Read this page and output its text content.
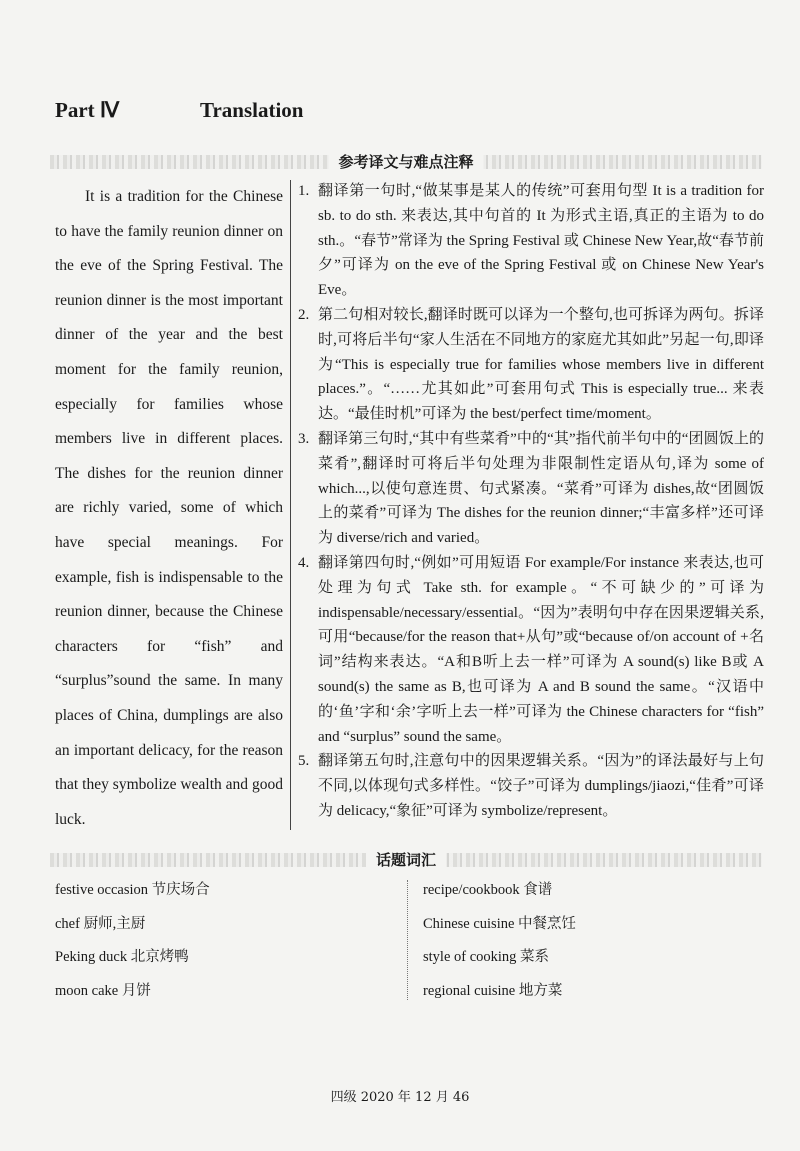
Part Ⅳ	Translation
参考译文与难点注释

It is a tradition for the Chinese to have the family reunion dinner on the eve of the Spring Festival. The reunion dinner is the most important dinner of the year and the best moment for the family reunion, especially for families whose members live in different places. The dishes for the reunion dinner are richly varied, some of which have special meanings. For example, fish is indispensable to the reunion dinner, because the Chinese characters for “fish” and “surplus”sound the same. In many places of China, dumplings are also an important delicacy, for the reason that they symbolize wealth and good luck.

1. 翻译第一句时,“做某事是某人的传统”可套用句型 It is a tradition for sb. to do sth. 来表达,其中句首的 It 为形式主语,真正的主语为 to do sth.。“春节”常译为 the Spring Festival 或 Chinese New Year,故“春节前夕”可译为 on the eve of the Spring Festival 或 on Chinese New Year's Eve。
2. 第二句相对较长,翻译时既可以译为一个整句,也可拆译为两句。拆译时,可将后半句“家人生活在不同地方的家庭尤其如此”另起一句,即译为“This is especially true for families whose members live in different places.”。“……尤其如此”可套用句式 This is especially true... 来表达。“最佳时机”可译为 the best/perfect time/moment。
3. 翻译第三句时,“其中有些菜肴”中的“其”指代前半句中的“团圆饭上的菜肴”,翻译时可将后半句处理为非限制性定语从句,译为 some of which...,以使句意连贯、句式紧凑。“菜肴”可译为 dishes,故“团圆饭上的菜肴”可译为 The dishes for the reunion dinner;“丰富多样”还可译为 diverse/rich and varied。
4. 翻译第四句时,“例如”可用短语 For example/For instance 来表达,也可处理为句式 Take sth. for example。“不可缺少的”可译为 indispensable/necessary/essential。“因为”表明句中存在因果逻辑关系,可用“because/for the reason that+从句”或“because of/on account of +名词”结构来表达。“A和B听上去一样”可译为 A sound(s) like B或 A sound(s) the same as B,也可译为 A and B sound the same。“汉语中的‘鱼’字和‘余’字听上去一样”可译为 the Chinese characters for “fish” and “surplus” sound the same。
5. 翻译第五句时,注意句中的因果逻辑关系。“因为”的译法最好与上句不同,以体现句式多样性。“饺子”可译为 dumplings/jiaozi,“佳肴”可译为 delicacy,“象征”可译为 symbolize/represent。
话题词汇
festive occasion 节庆场合
chef 厨师,主厨
Peking duck 北京烤鸭
moon cake 月饼
recipe/cookbook 食谱
Chinese cuisine 中餐烹饪
style of cooking 菜系
regional cuisine 地方菜
四级 2020 年 12 月 46
